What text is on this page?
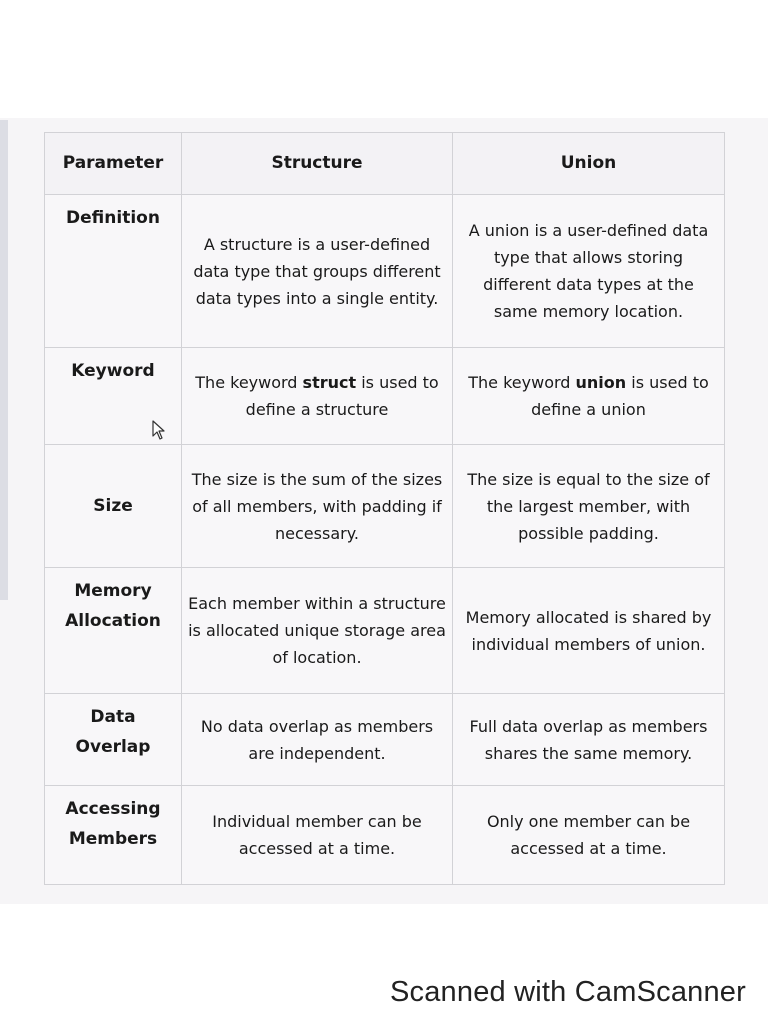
Parameter	Structure	Union
Definition	A structure is a user-defined data type that groups different data types into a single entity.	A union is a user-defined data type that allows storing different data types at the same memory location.
Keyword	The keyword struct is used to define a structure	The keyword union is used to define a union
Size	The size is the sum of the sizes of all members, with padding if necessary.	The size is equal to the size of the largest member, with possible padding.
Memory Allocation	Each member within a structure is allocated unique storage area of location.	Memory allocated is shared by individual members of union.
Data Overlap	No data overlap as members are independent.	Full data overlap as members shares the same memory.
Accessing Members	Individual member can be accessed at a time.	Only one member can be accessed at a time.
Scanned with CamScanner
